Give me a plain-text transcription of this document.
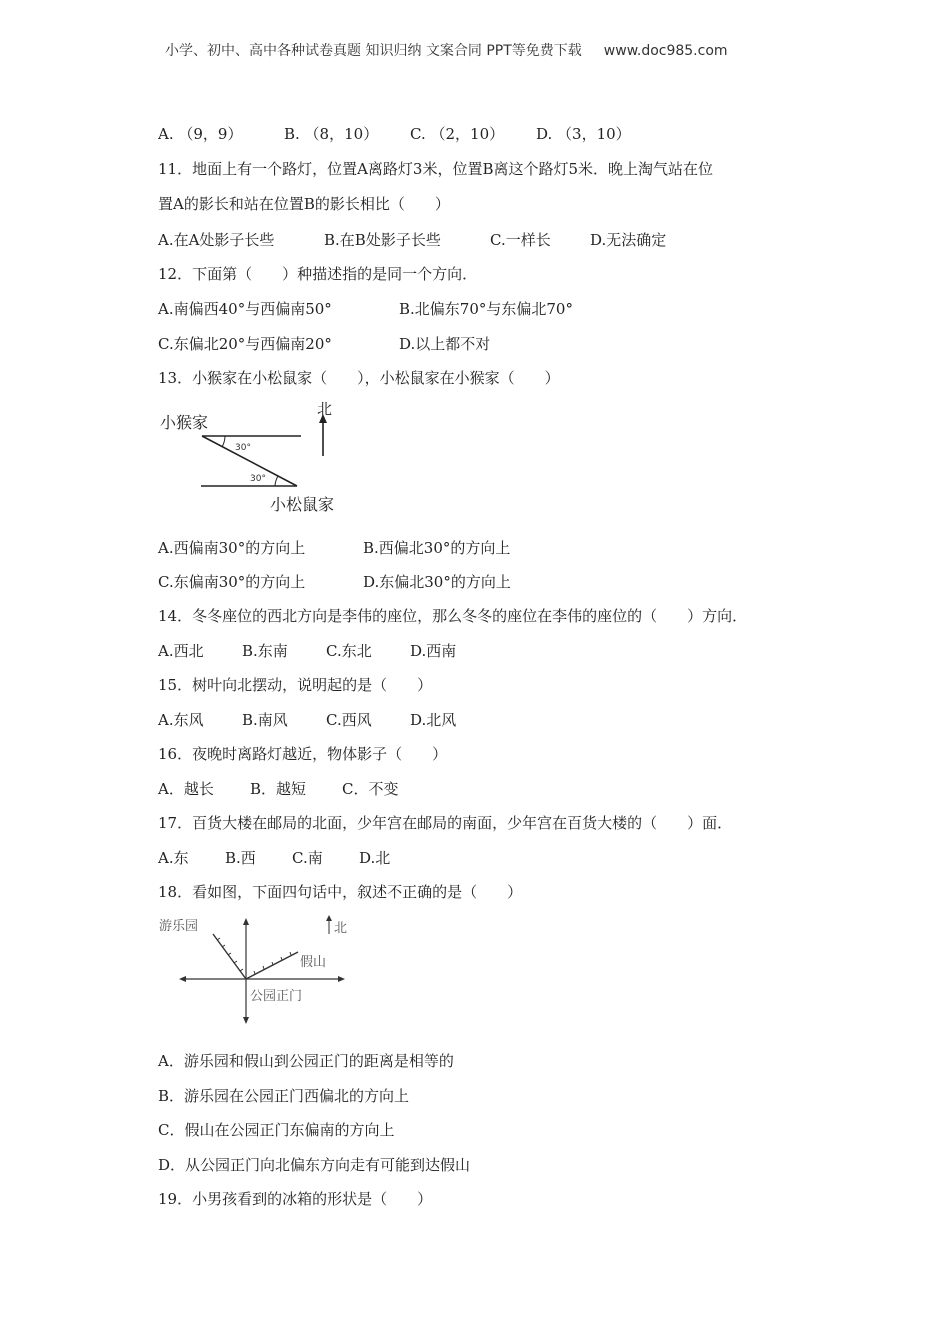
小学、初中、高中各种试卷真题 知识归纳 文案合同 PPT等免费下载 www.doc985.com
A. （9，9）	B. （8，10） C. （2，10） D. （3，10）
11．地面上有一个路灯，位置A离路灯3米，位置B离这个路灯5米．晚上淘气站在位
置A的影长和站在位置B的影长相比（　　）
A.在A处影子长些	B.在B处影子长些	C.一样长	D.无法确定
12．下面第（　　）种描述指的是同一个方向．
A.南偏西40°与西偏南50°	B.北偏东70°与东偏北70°
C.东偏北20°与西偏南20°	D.以上都不对
13．小猴家在小松鼠家（　　），小松鼠家在小猴家（　　）
30°
30°
北
小猴家
小松鼠家
A.西偏南30°的方向上	B.西偏北30°的方向上
C.东偏南30°的方向上	D.东偏北30°的方向上
14．冬冬座位的西北方向是李伟的座位，那么冬冬的座位在李伟的座位的（　　）方向．
A.西北	B.东南	C.东北	D.西南
15．树叶向北摆动，说明起的是（　　）
A.东风	B.南风	C.西风	D.北风
16．夜晚时离路灯越近，物体影子（　　）
A．越长 B．越短 C．不变
17．百货大楼在邮局的北面，少年宫在邮局的南面，少年宫在百货大楼的（　　）面．
A.东 B.西 C.南 D.北
18．看如图，下面四句话中，叙述不正确的是（　　）
北
游乐园
假山
公园正门
A．游乐园和假山到公园正门的距离是相等的
B．游乐园在公园正门西偏北的方向上
C．假山在公园正门东偏南的方向上
D．从公园正门向北偏东方向走有可能到达假山
19．小男孩看到的冰箱的形状是（　　）
